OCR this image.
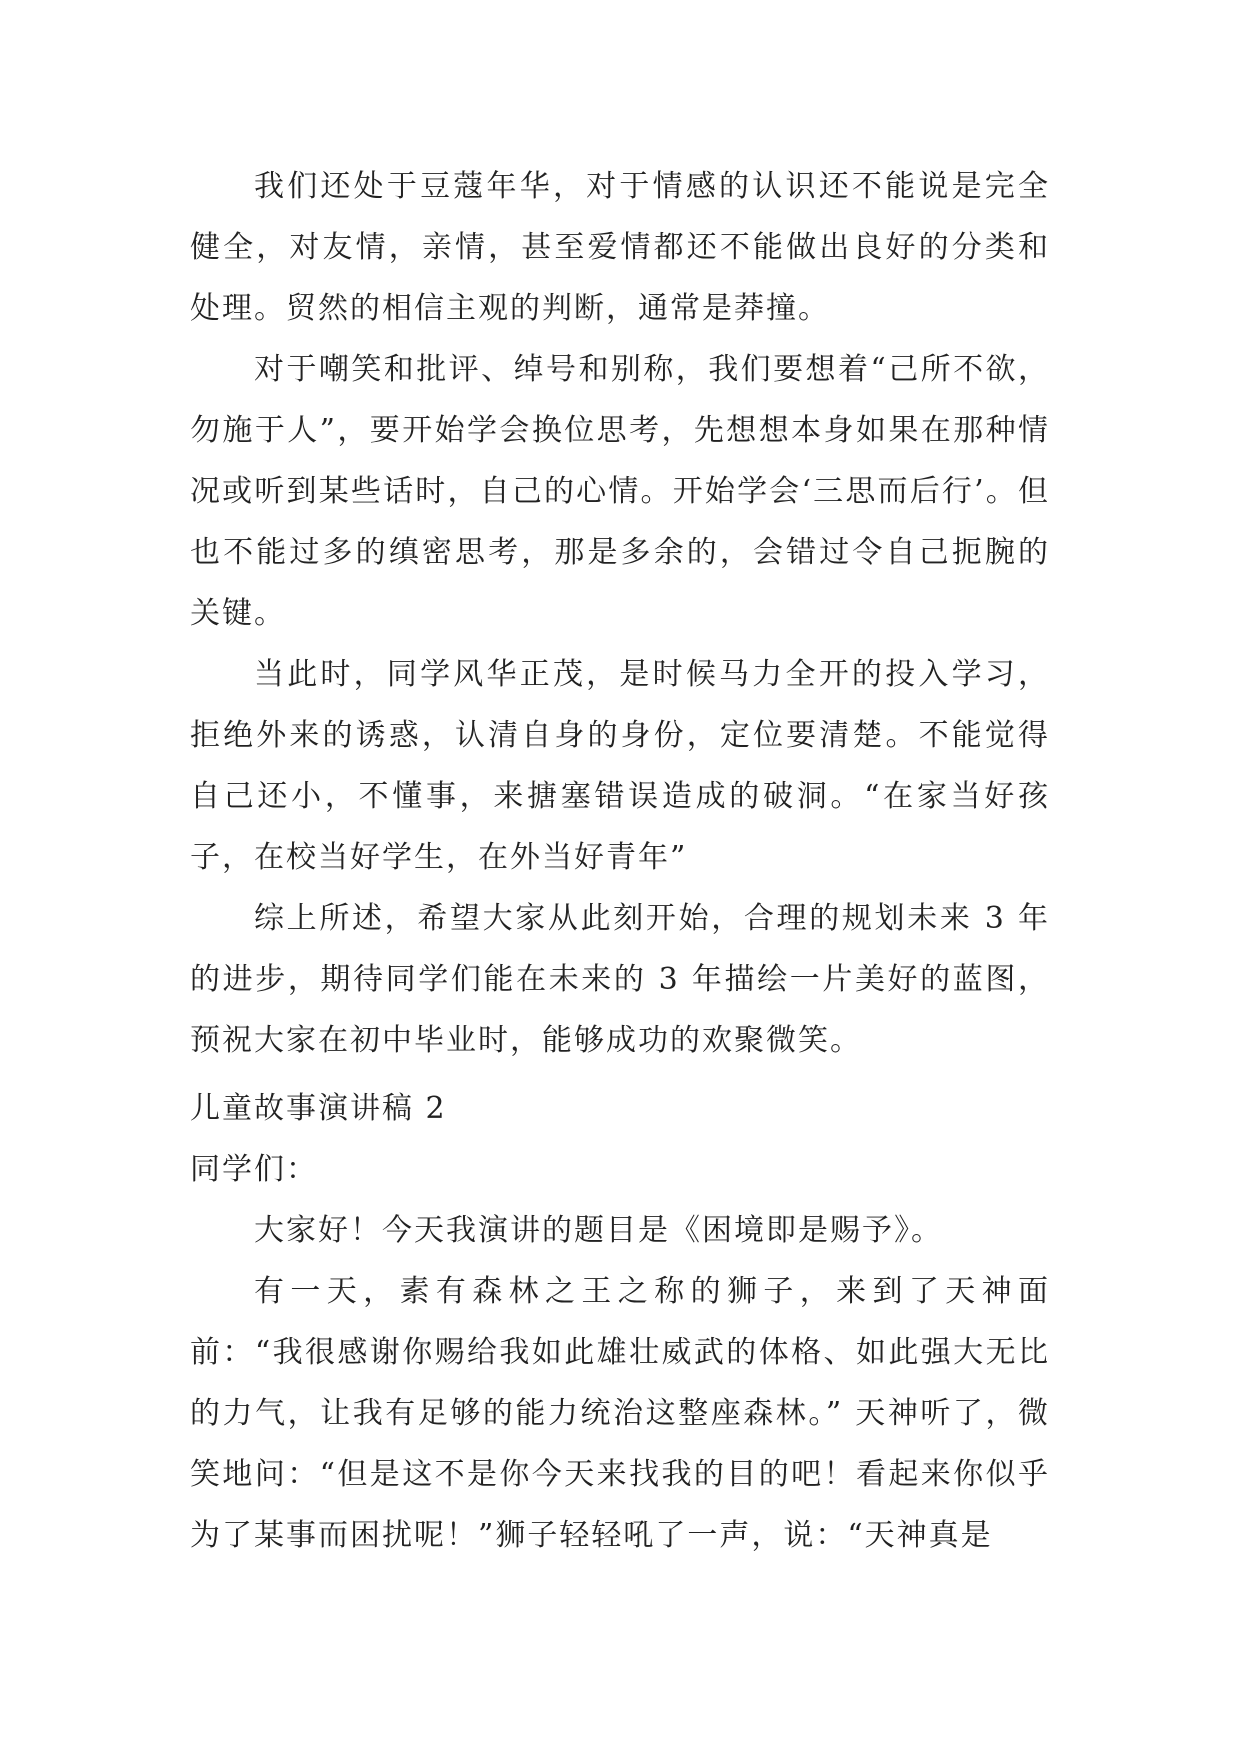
我们还处于豆蔻年华，对于情感的认识还不能说是完全健全，对友情，亲情，甚至爱情都还不能做出良好的分类和处理。贸然的相信主观的判断，通常是莽撞。

对于嘲笑和批评、绰号和别称，我们要想着“己所不欲，勿施于人”，要开始学会换位思考，先想想本身如果在那种情况或听到某些话时，自己的心情。开始学会‘三思而后行’。但也不能过多的缜密思考，那是多余的，会错过令自己扼腕的关键。

当此时，同学风华正茂，是时候马力全开的投入学习，拒绝外来的诱惑，认清自身的身份，定位要清楚。不能觉得自己还小，不懂事，来搪塞错误造成的破洞。“在家当好孩子，在校当好学生，在外当好青年”

综上所述，希望大家从此刻开始，合理的规划未来 3 年的进步，期待同学们能在未来的 3 年描绘一片美好的蓝图，预祝大家在初中毕业时，能够成功的欢聚微笑。

儿童故事演讲稿 2

同学们：

大家好！今天我演讲的题目是《困境即是赐予》。

有一天，素有森林之王之称的狮子，来到了天神面前：“我很感谢你赐给我如此雄壮威武的体格、如此强大无比的力气，让我有足够的能力统治这整座森林。” 天神听了，微笑地问：“但是这不是你今天来找我的目的吧！看起来你似乎为了某事而困扰呢！”狮子轻轻吼了一声，说：“天神真是
